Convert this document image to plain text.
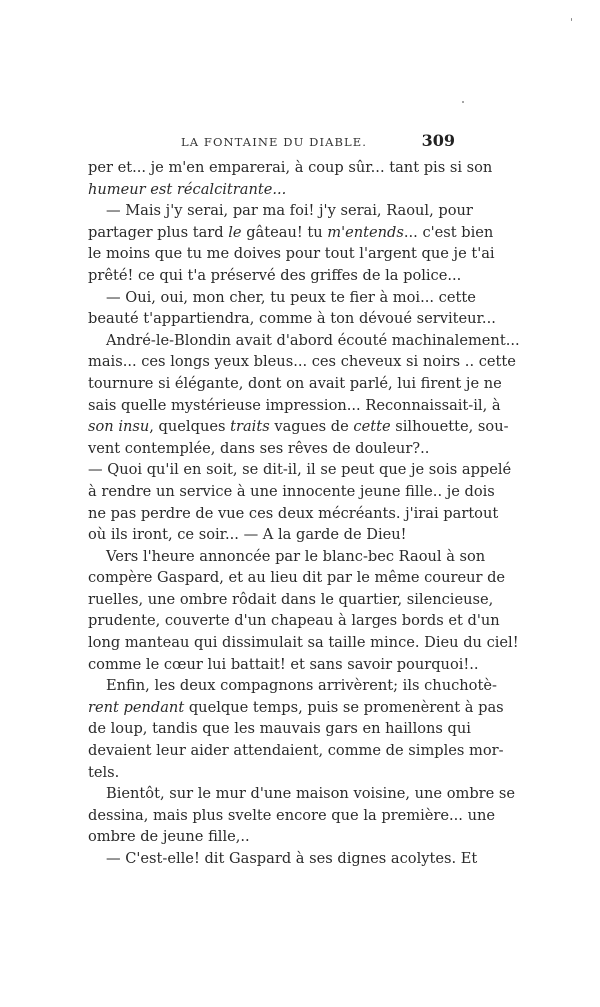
LA FONTAINE DU DIABLE.	309
per et... je m'en emparerai, à coup sûr... tant pis si son
humeur est récalcitrante...
— Mais j'y serai, par ma foi! j'y serai, Raoul, pour
partager plus tard le gâteau! tu m'entends... c'est bien
le moins que tu me doives pour tout l'argent que je t'ai
prêté! ce qui t'a préservé des griffes de la police...
— Oui, oui, mon cher, tu peux te fier à moi... cette
beauté t'appartiendra, comme à ton dévoué serviteur...
André-le-Blondin avait d'abord écouté machinalement...
mais... ces longs yeux bleus... ces cheveux si noirs .. cette
tournure si élégante, dont on avait parlé, lui firent je ne
sais quelle mystérieuse impression... Reconnaissait-il, à
son insu, quelques traits vagues de cette silhouette, sou-
vent contemplée, dans ses rêves de douleur?..
— Quoi qu'il en soit, se dit-il, il se peut que je sois appelé
à rendre un service à une innocente jeune fille.. je dois
ne pas perdre de vue ces deux mécréants. j'irai partout
où ils iront, ce soir... — A la garde de Dieu!
Vers l'heure annoncée par le blanc-bec Raoul à son
compère Gaspard, et au lieu dit par le même coureur de
ruelles, une ombre rôdait dans le quartier, silencieuse,
prudente, couverte d'un chapeau à larges bords et d'un
long manteau qui dissimulait sa taille mince. Dieu du ciel!
comme le cœur lui battait! et sans savoir pourquoi!..
Enfin, les deux compagnons arrivèrent; ils chuchotè-
rent pendant quelque temps, puis se promenèrent à pas
de loup, tandis que les mauvais gars en haillons qui
devaient leur aider attendaient, comme de simples mor-
tels.
Bientôt, sur le mur d'une maison voisine, une ombre se
dessina, mais plus svelte encore que la première... une
ombre de jeune fille,..
— C'est-elle! dit Gaspard à ses dignes acolytes. Et
